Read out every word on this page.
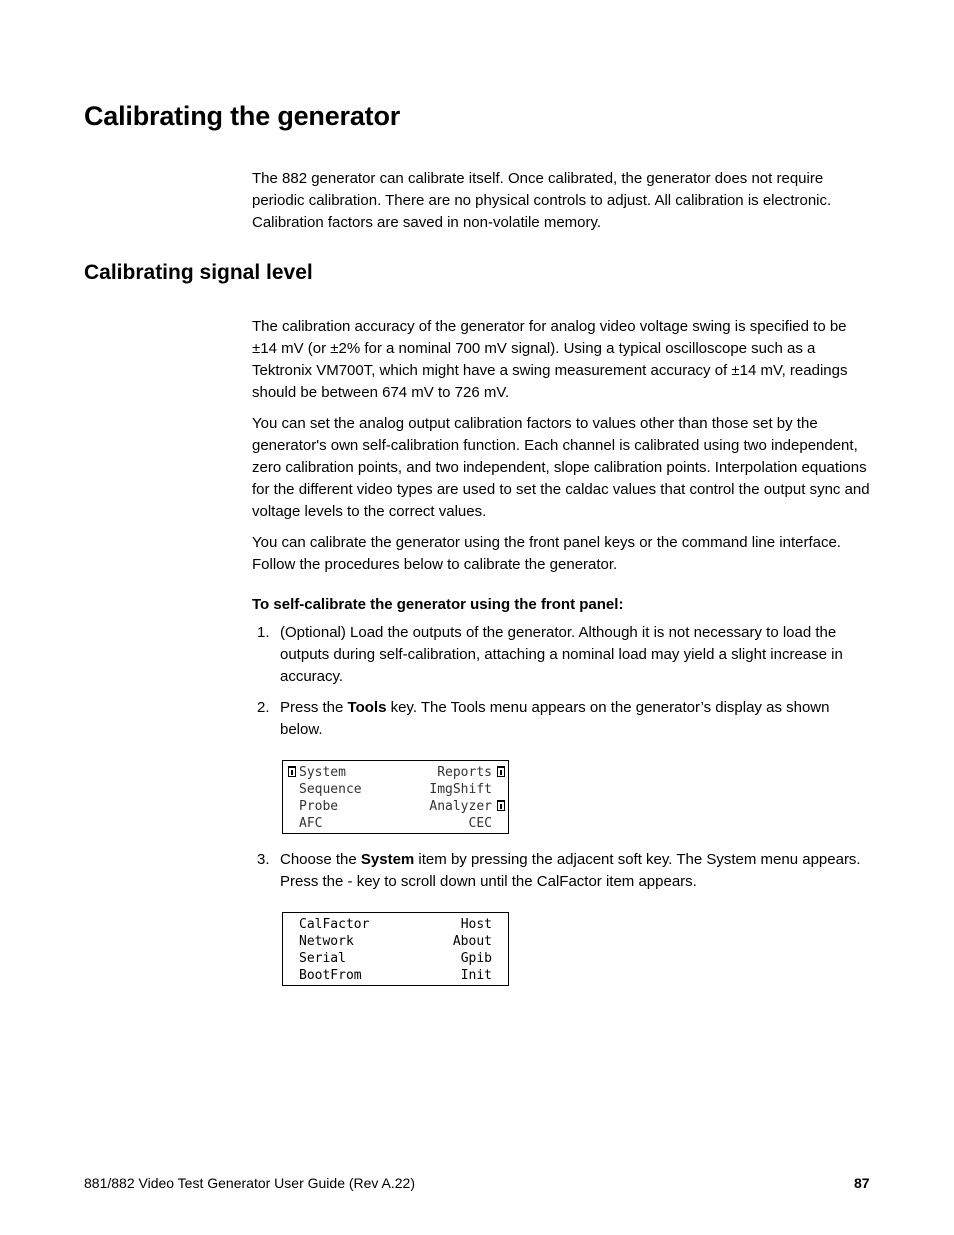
Calibrating the generator

The 882 generator can calibrate itself. Once calibrated, the generator does not require periodic calibration. There are no physical controls to adjust. All calibration is electronic. Calibration factors are saved in non-volatile memory.

Calibrating signal level

The calibration accuracy of the generator for analog video voltage swing is specified to be ±14 mV (or ±2% for a nominal 700 mV signal). Using a typical oscilloscope such as a Tektronix VM700T, which might have a swing measurement accuracy of ±14 mV, readings should be between 674 mV to 726 mV.

You can set the analog output calibration factors to values other than those set by the generator's own self-calibration function. Each channel is calibrated using two independent, zero calibration points, and two independent, slope calibration points. Interpolation equations for the different video types are used to set the caldac values that control the output sync and voltage levels to the correct values.

You can calibrate the generator using the front panel keys or the command line interface. Follow the procedures below to calibrate the generator.

To self-calibrate the generator using the front panel:

1. (Optional) Load the outputs of the generator. Although it is not necessary to load the outputs during self-calibration, attaching a nominal load may yield a slight increase in accuracy.
2. Press the Tools key. The Tools menu appears on the generator’s display as shown below.
System
Sequence
Probe
AFC
Reports
ImgShift
Analyzer
CEC
3. Choose the System item by pressing the adjacent soft key. The System menu appears. Press the - key to scroll down until the CalFactor item appears.
CalFactor
Network
Serial
BootFrom
Host
About
Gpib
Init
881/882 Video Test Generator User Guide (Rev A.22)	87
